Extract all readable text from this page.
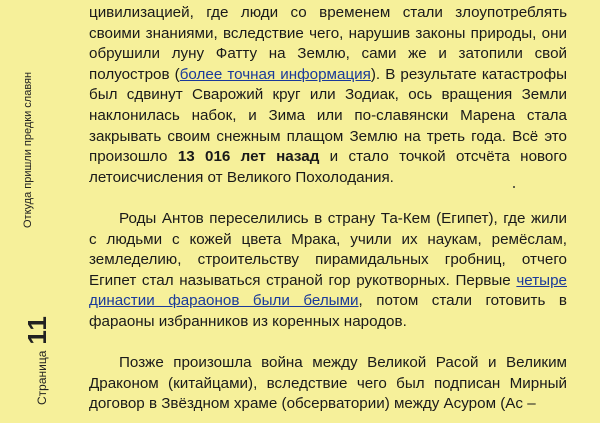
Откуда пришли предки славян
Страница
11

цивилизацией, где люди со временем стали злоупотреблять своими знаниями, вследствие чего, нарушив законы природы, они обрушили луну Фатту на Землю, сами же и затопили свой полуостров (более точная информация). В результате катастрофы был сдвинут Сварожий круг или Зодиак, ось вращения Земли наклонилась набок, и Зима или по-славянски Марена стала закрывать своим снежным плащом Землю на треть года. Всё это произошло 13 016 лет назад и стало точкой отсчёта нового летоисчисления от Великого Похолодания.

Роды Антов переселились в страну Та-Кем (Египет), где жили с людьми с кожей цвета Мрака, учили их наукам, ремёслам, земледелию, строительству пирамидальных гробниц, отчего Египет стал называться страной гор рукотворных. Первые четыре династии фараонов были белыми, потом стали готовить в фараоны избранников из коренных народов.

Позже произошла война между Великой Расой и Великим Драконом (китайцами), вследствие чего был подписан Мирный договор в Звёздном храме (обсерватории) между Асуром (Ас –
